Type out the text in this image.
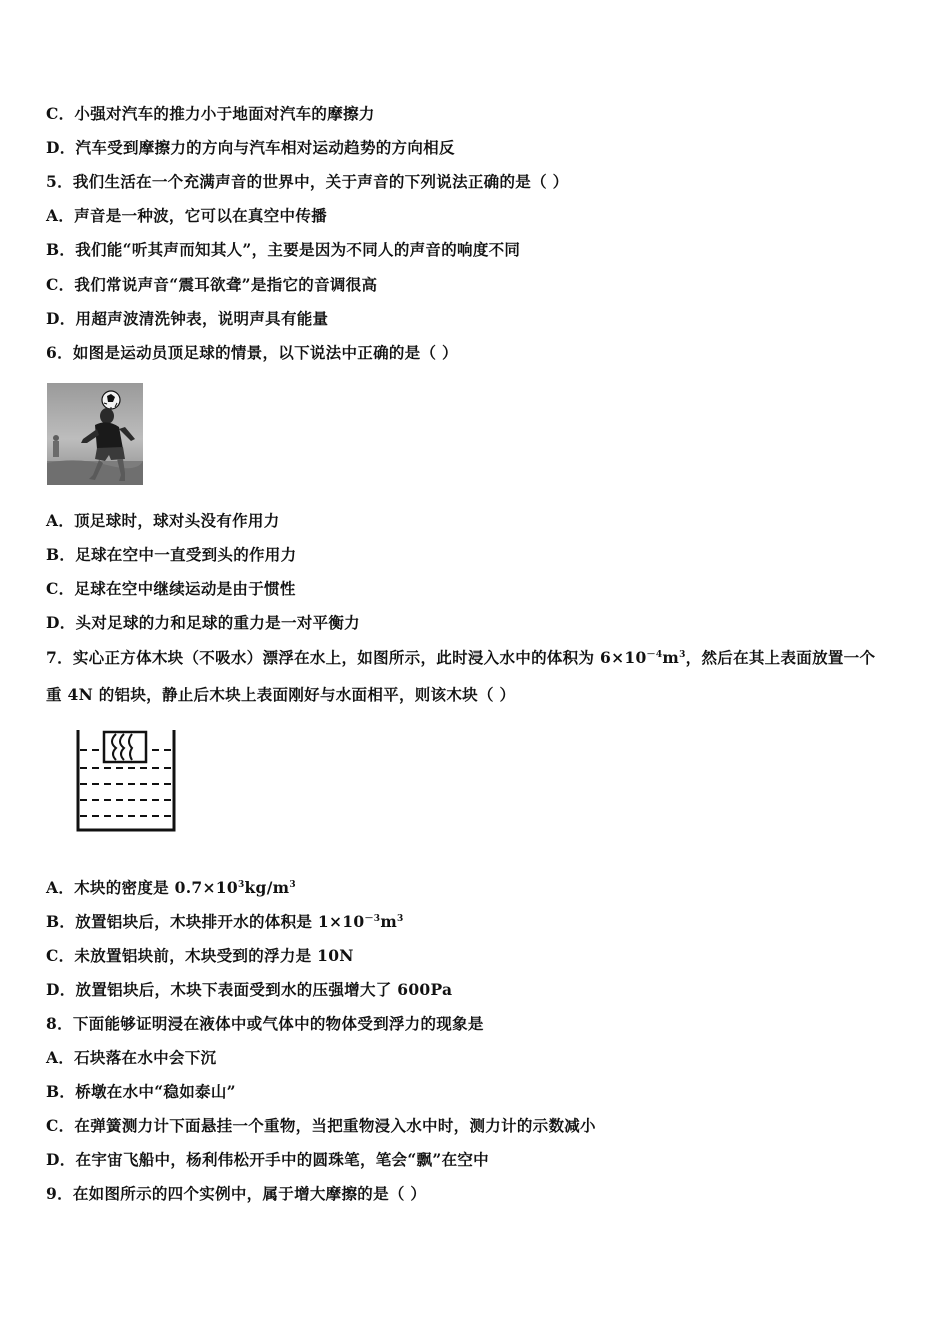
C．小强对汽车的推力小于地面对汽车的摩擦力
D．汽车受到摩擦力的方向与汽车相对运动趋势的方向相反
5．我们生活在一个充满声音的世界中，关于声音的下列说法正确的是（ ）
A．声音是一种波，它可以在真空中传播
B．我们能“听其声而知其人”，主要是因为不同人的声音的响度不同
C．我们常说声音“震耳欲聋”是指它的音调很高
D．用超声波清洗钟表，说明声具有能量
6．如图是运动员顶足球的情景，以下说法中正确的是（ ）
A．顶足球时，球对头没有作用力
B．足球在空中一直受到头的作用力
C．足球在空中继续运动是由于惯性
D．头对足球的力和足球的重力是一对平衡力
7．实心正方体木块（不吸水）漂浮在水上，如图所示，此时浸入水中的体积为 $6\times 10^{-4}m^3$，然后在其上表面放置一个
重 4N 的铝块，静止后木块上表面刚好与水面相平，则该木块（ ）
A．木块的密度是 $0.7\times 10^3kg/m^3$
B．放置铝块后，木块排开水的体积是 $1\times 10^{-3}m^3$
C．未放置铝块前，木块受到的浮力是 10N
D．放置铝块后，木块下表面受到水的压强增大了 600Pa
8．下面能够证明浸在液体中或气体中的物体受到浮力的现象是
A．石块落在水中会下沉
B．桥墩在水中“稳如泰山”
C．在弹簧测力计下面悬挂一个重物，当把重物浸入水中时，测力计的示数减小
D．在宇宙飞船中，杨利伟松开手中的圆珠笔，笔会“飘”在空中
9．在如图所示的四个实例中，属于增大摩擦的是（ ）
